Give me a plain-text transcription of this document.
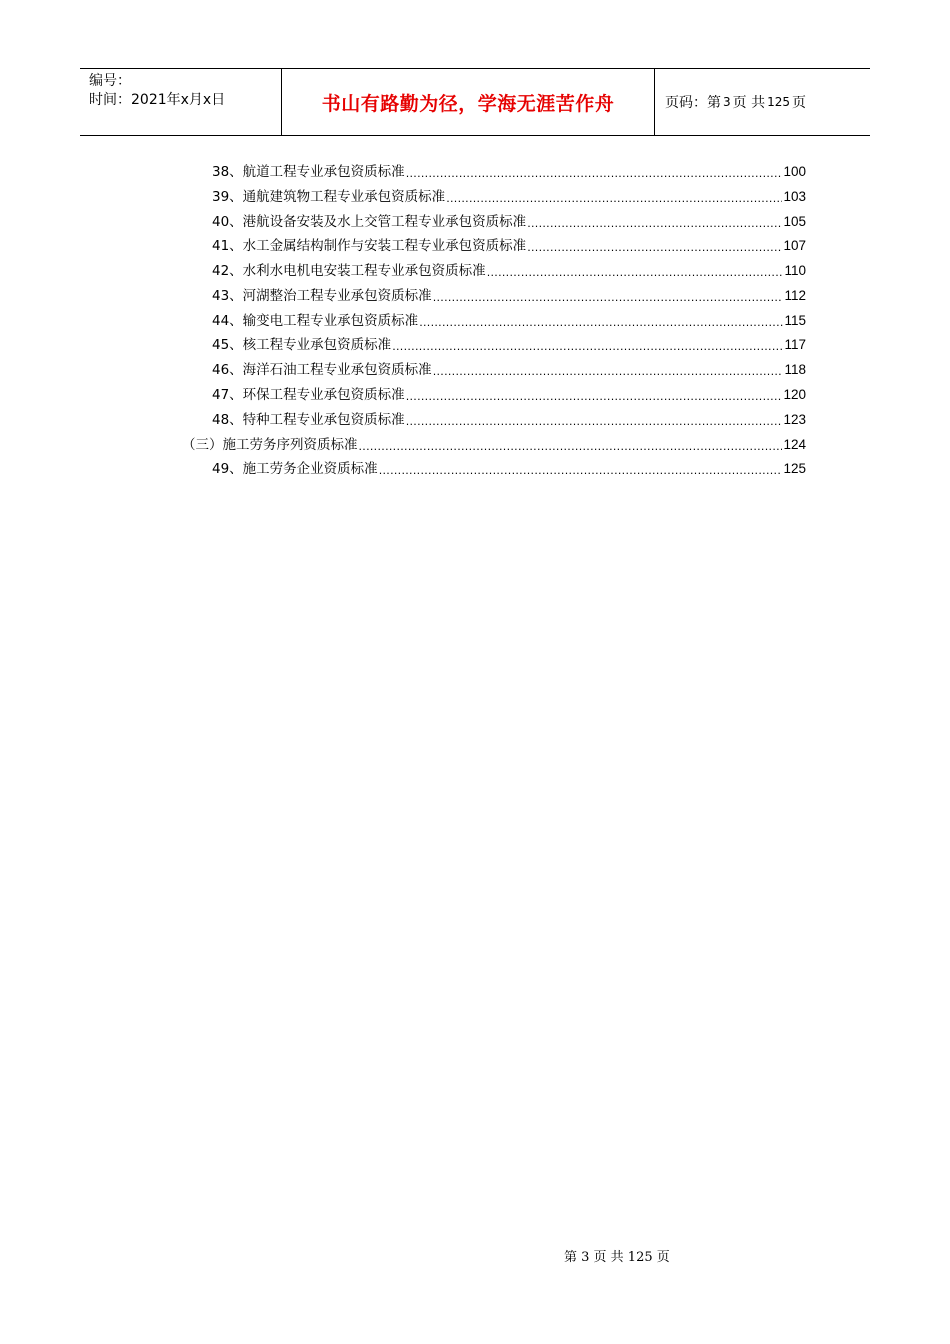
编号：
时间：2021年x月x日	书山有路勤为径，学海无涯苦作舟	页码：第 3 页 共 125 页
38、航道工程专业承包资质标准 .....	100
39、通航建筑物工程专业承包资质标准 .....	103
40、港航设备安装及水上交管工程专业承包资质标准 .....	105
41、水工金属结构制作与安装工程专业承包资质标准 .....	107
42、水利水电机电安装工程专业承包资质标准 .....	110
43、河湖整治工程专业承包资质标准 .....	112
44、输变电工程专业承包资质标准 .....	115
45、核工程专业承包资质标准 .....	117
46、海洋石油工程专业承包资质标准 .....	118
47、环保工程专业承包资质标准 .....	120
48、特种工程专业承包资质标准 .....	123
（三）施工劳务序列资质标准 .....	124
49、施工劳务企业资质标准 .....	125
第 3 页 共 125 页
